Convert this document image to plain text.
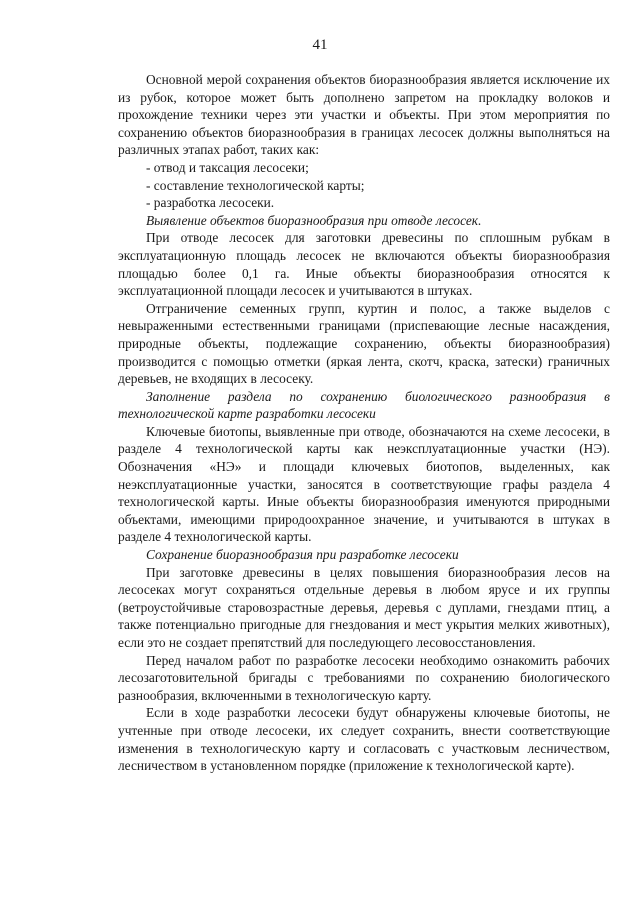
41

Основной мерой сохранения объектов биоразнообразия является исключение их из рубок, которое может быть дополнено запретом на прокладку волоков и прохождение техники через эти участки и объекты. При этом мероприятия по сохранению объектов биоразнообразия в границах лесосек должны выполняться на различных этапах работ, таких как:

- отвод и таксация лесосеки;

- составление технологической карты;

- разработка лесосеки.

Выявление объектов биоразнообразия при отводе лесосек.

При отводе лесосек для заготовки древесины по сплошным рубкам в эксплуатационную площадь лесосек не включаются объекты биоразнообразия площадью более 0,1 га. Иные объекты биоразнообразия относятся к эксплуатационной площади лесосек и учитываются в штуках.

Отграничение семенных групп, куртин и полос, а также выделов с невыраженными естественными границами (приспевающие лесные насаждения, природные объекты, подлежащие сохранению, объекты биоразнообразия) производится с помощью отметки (яркая лента, скотч, краска, затески) граничных деревьев, не входящих в лесосеку.

Заполнение раздела по сохранению биологического разнообразия в технологической карте разработки лесосеки

Ключевые биотопы, выявленные при отводе, обозначаются на схеме лесосеки, в разделе 4 технологической карты как неэксплуатационные участки (НЭ). Обозначения «НЭ» и площади ключевых биотопов, выделенных, как неэксплуатационные участки, заносятся в соответствующие графы раздела 4 технологической карты. Иные объекты биоразнообразия именуются природными объектами, имеющими природоохранное значение, и учитываются в штуках в разделе 4 технологической карты.

Сохранение биоразнообразия при разработке лесосеки

При заготовке древесины в целях повышения биоразнообразия лесов на лесосеках могут сохраняться отдельные деревья в любом ярусе и их группы (ветроустойчивые старовозрастные деревья, деревья с дуплами, гнездами птиц, а также потенциально пригодные для гнездования и мест укрытия мелких животных), если это не создает препятствий для последующего лесовосстановления.

Перед началом работ по разработке лесосеки необходимо ознакомить рабочих лесозаготовительной бригады с требованиями по сохранению биологического разнообразия, включенными в технологическую карту.

Если в ходе разработки лесосеки будут обнаружены ключевые биотопы, не учтенные при отводе лесосеки, их следует сохранить, внести соответствующие изменения в технологическую карту и согласовать с участковым лесничеством, лесничеством в установленном порядке (приложение к технологической карте).
